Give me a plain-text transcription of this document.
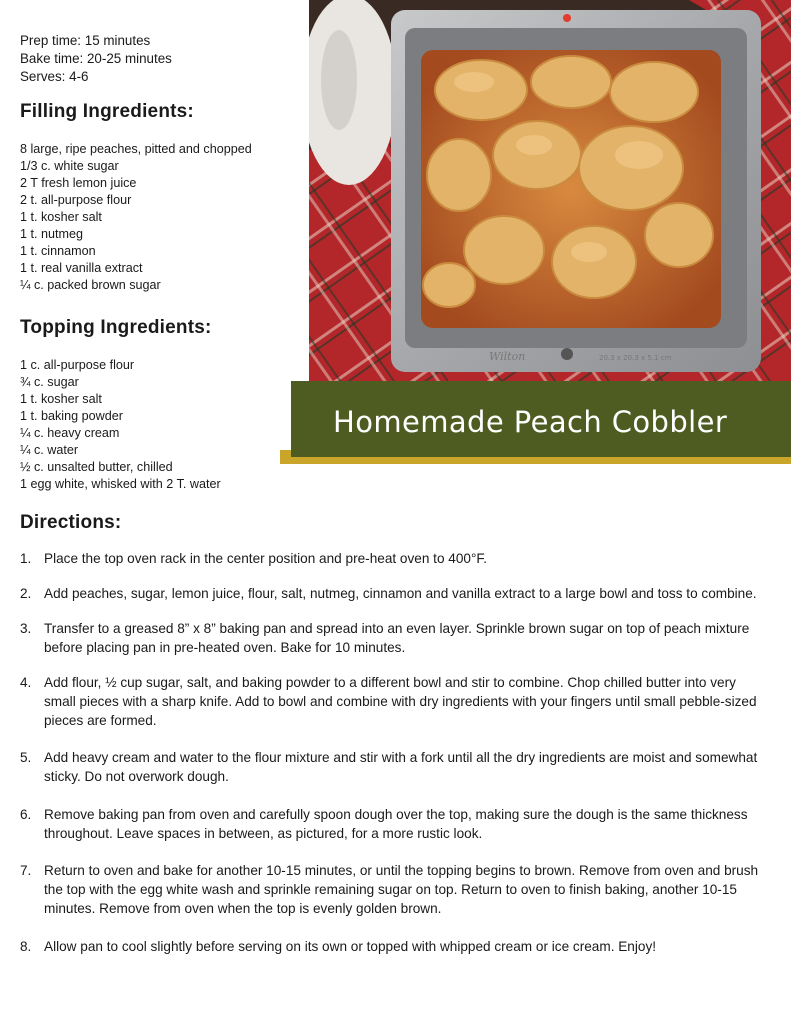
Prep time: 15 minutes
Bake time: 20-25 minutes
Serves: 4-6
Filling Ingredients:
8 large, ripe peaches, pitted and chopped
1/3 c. white sugar
2 T fresh lemon juice
2 t. all-purpose flour
1 t. kosher salt
1 t. nutmeg
1 t. cinnamon
1 t. real vanilla extract
¼ c. packed brown sugar
Topping Ingredients:
1 c. all-purpose flour
¾ c. sugar
1 t. kosher salt
1 t. baking powder
¼ c. heavy cream
¼ c. water
½ c. unsalted butter, chilled
1 egg white, whisked with 2 T. water
Wilton	20.3 x 20.3 x 5.1 cm
Homemade Peach Cobbler
Directions:
1. Place the top oven rack in the center position and pre-heat oven to 400°F.
2. Add peaches, sugar, lemon juice, flour, salt, nutmeg, cinnamon and vanilla extract to a large bowl and toss to combine.
3. Transfer to a greased 8” x 8” baking pan and spread into an even layer. Sprinkle brown sugar on top of peach mixture before placing pan in pre-heated oven. Bake for 10 minutes.
4. Add flour, ½ cup sugar, salt, and baking powder to a different bowl and stir to combine. Chop chilled butter into very small pieces with a sharp knife. Add to bowl and combine with dry ingredients with your fingers until small pebble-sized pieces are formed.
5. Add heavy cream and water to the flour mixture and stir with a fork until all the dry ingredients are moist and somewhat sticky. Do not overwork dough.
6. Remove baking pan from oven and carefully spoon dough over the top, making sure the dough is the same thickness throughout. Leave spaces in between, as pictured, for a more rustic look.
7. Return to oven and bake for another 10-15 minutes, or until the topping begins to brown. Remove from oven and brush the top with the egg white wash and sprinkle remaining sugar on top. Return to oven to finish baking, another 10-15 minutes. Remove from oven when the top is evenly golden brown.
8. Allow pan to cool slightly before serving on its own or topped with whipped cream or ice cream. Enjoy!
